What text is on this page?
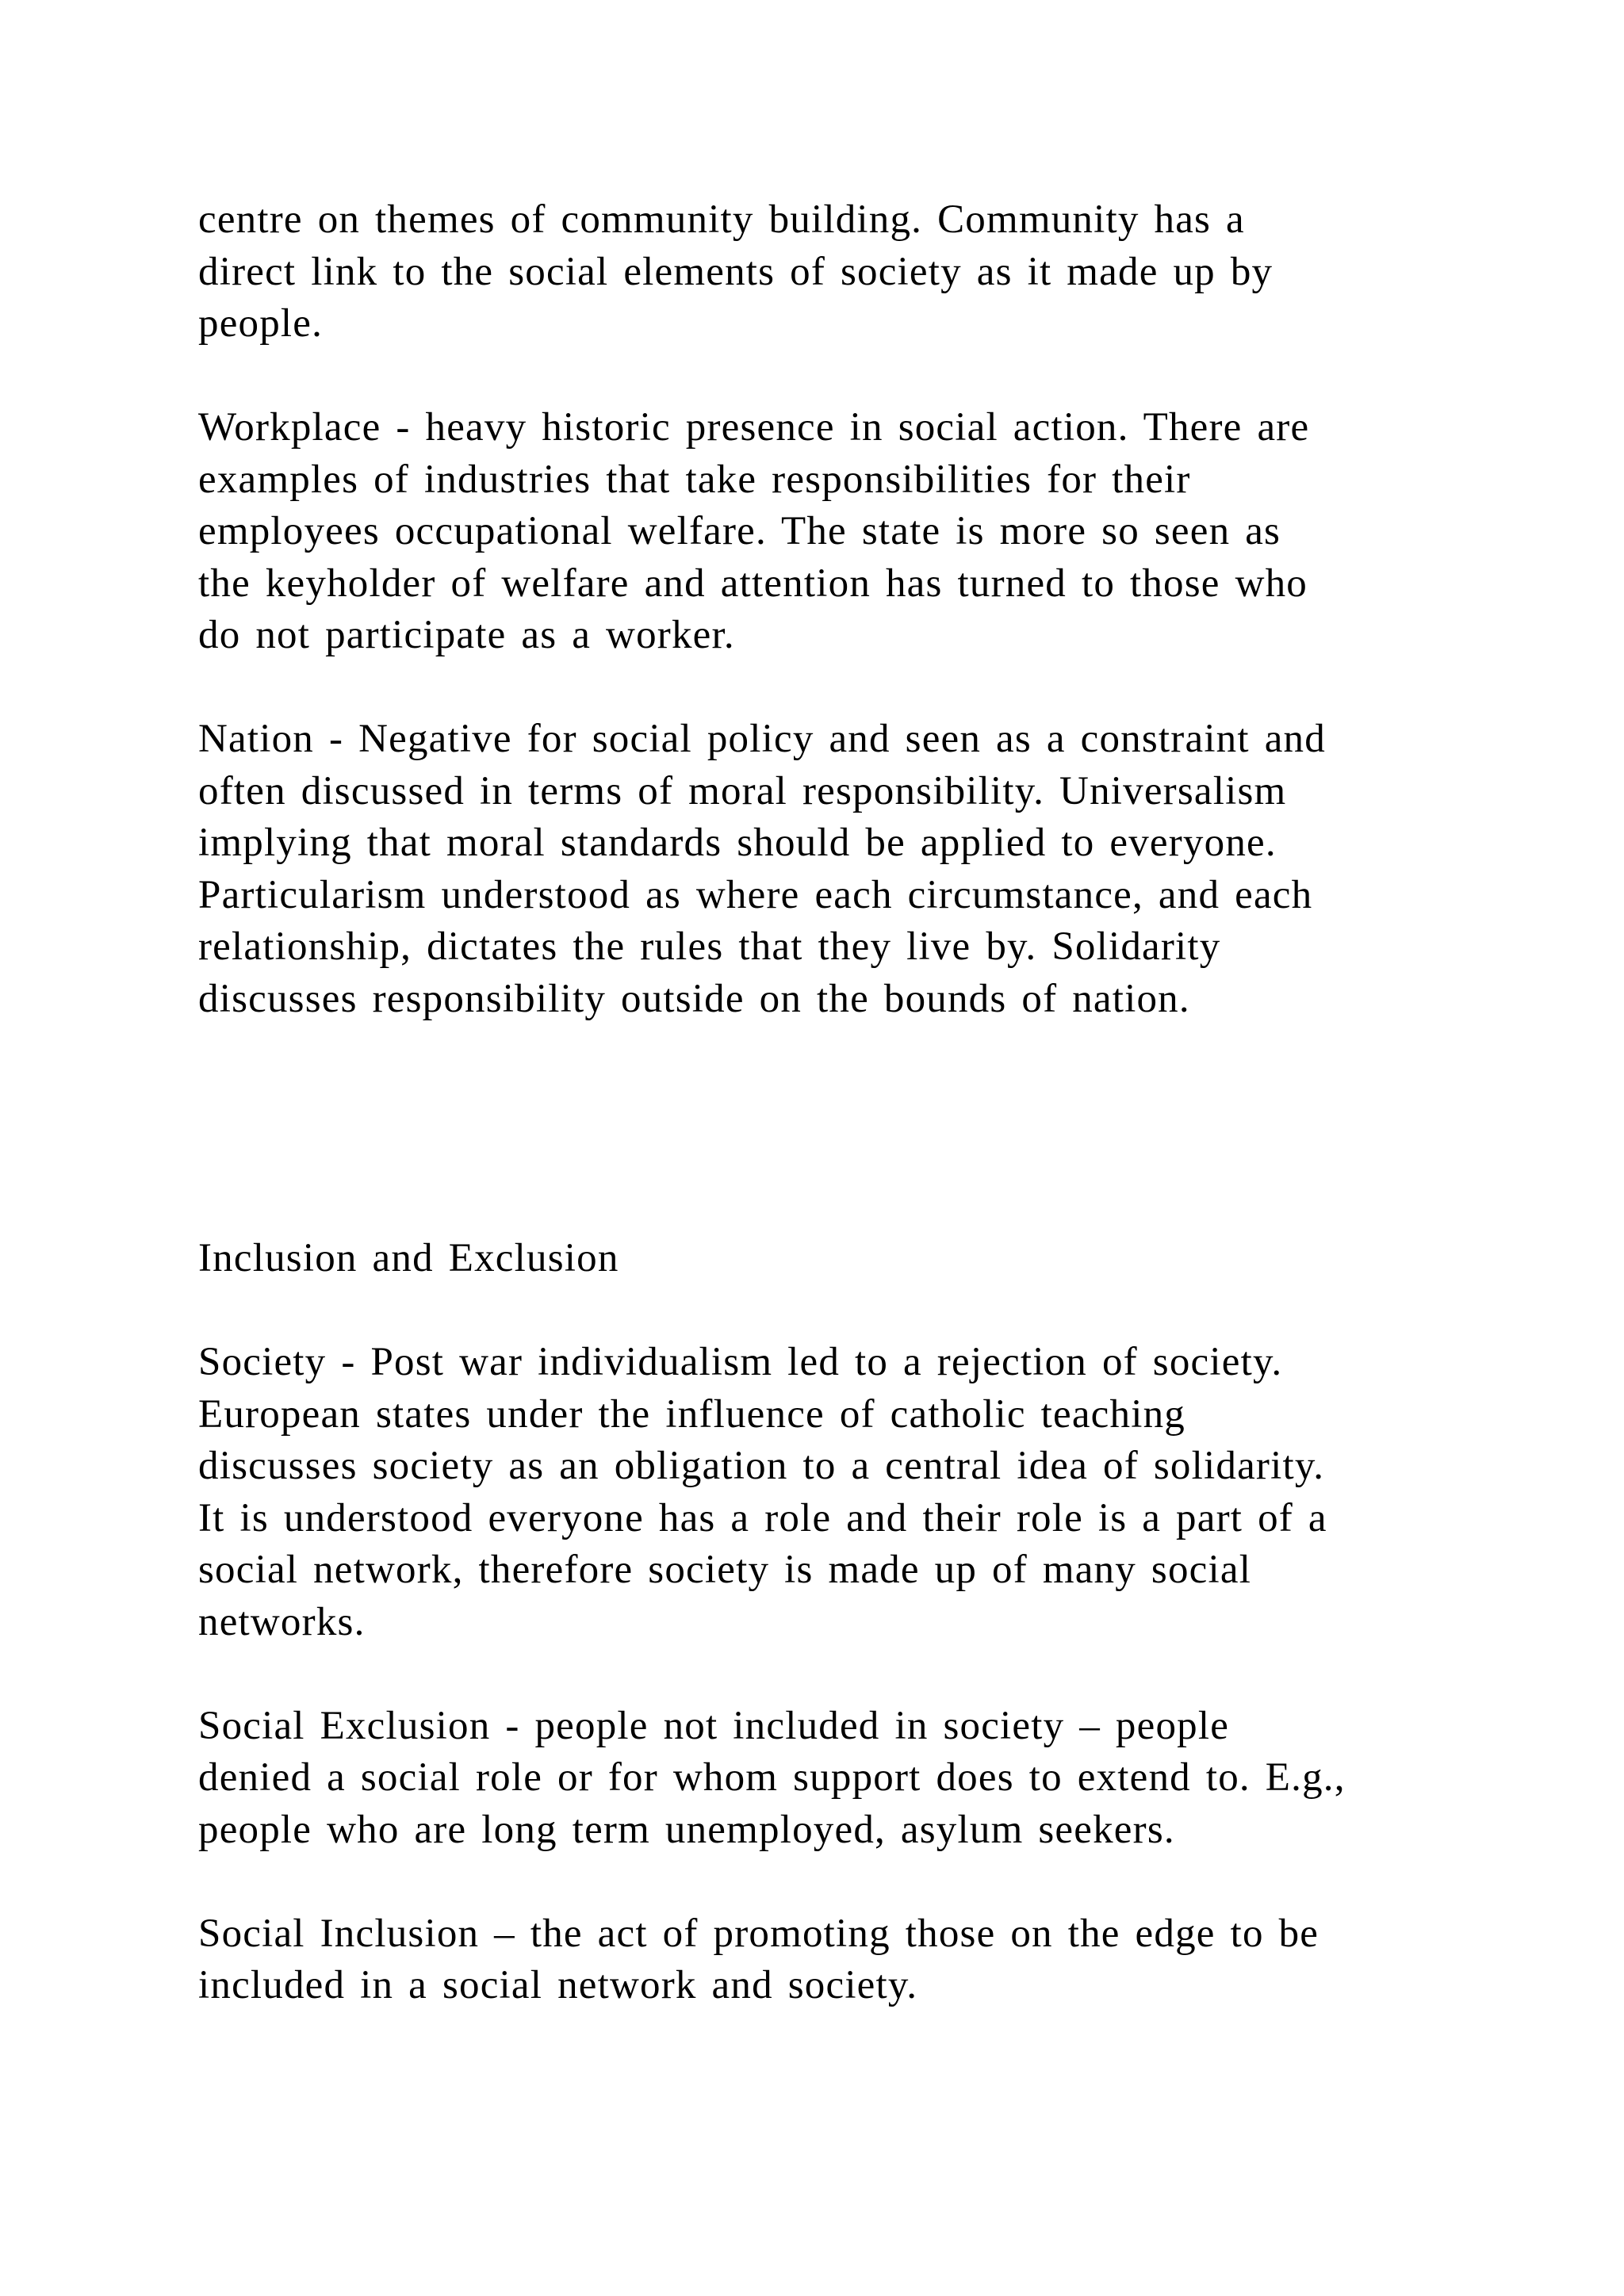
centre on themes of community building. Community has a
direct link to the social elements of society as it made up by
people.

Workplace - heavy historic presence in social action. There are
examples of industries that take responsibilities for their
employees occupational welfare. The state is more so seen as
the keyholder of welfare and attention has turned to those who
do not participate as a worker.

Nation - Negative for social policy and seen as a constraint and
often discussed in terms of moral responsibility. Universalism
implying that moral standards should be applied to everyone.
Particularism understood as where each circumstance, and each
relationship, dictates the rules that they live by. Solidarity
discusses responsibility outside on the bounds of nation.

Inclusion and Exclusion

Society - Post war individualism led to a rejection of society.
European states under the influence of catholic teaching
discusses society as an obligation to a central idea of solidarity.
It is understood everyone has a role and their role is a part of a
social network, therefore society is made up of many social
networks.

Social Exclusion - people not included in society – people
denied a social role or for whom support does to extend to. E.g.,
people who are long term unemployed, asylum seekers.

Social Inclusion – the act of promoting those on the edge to be
included in a social network and society.
